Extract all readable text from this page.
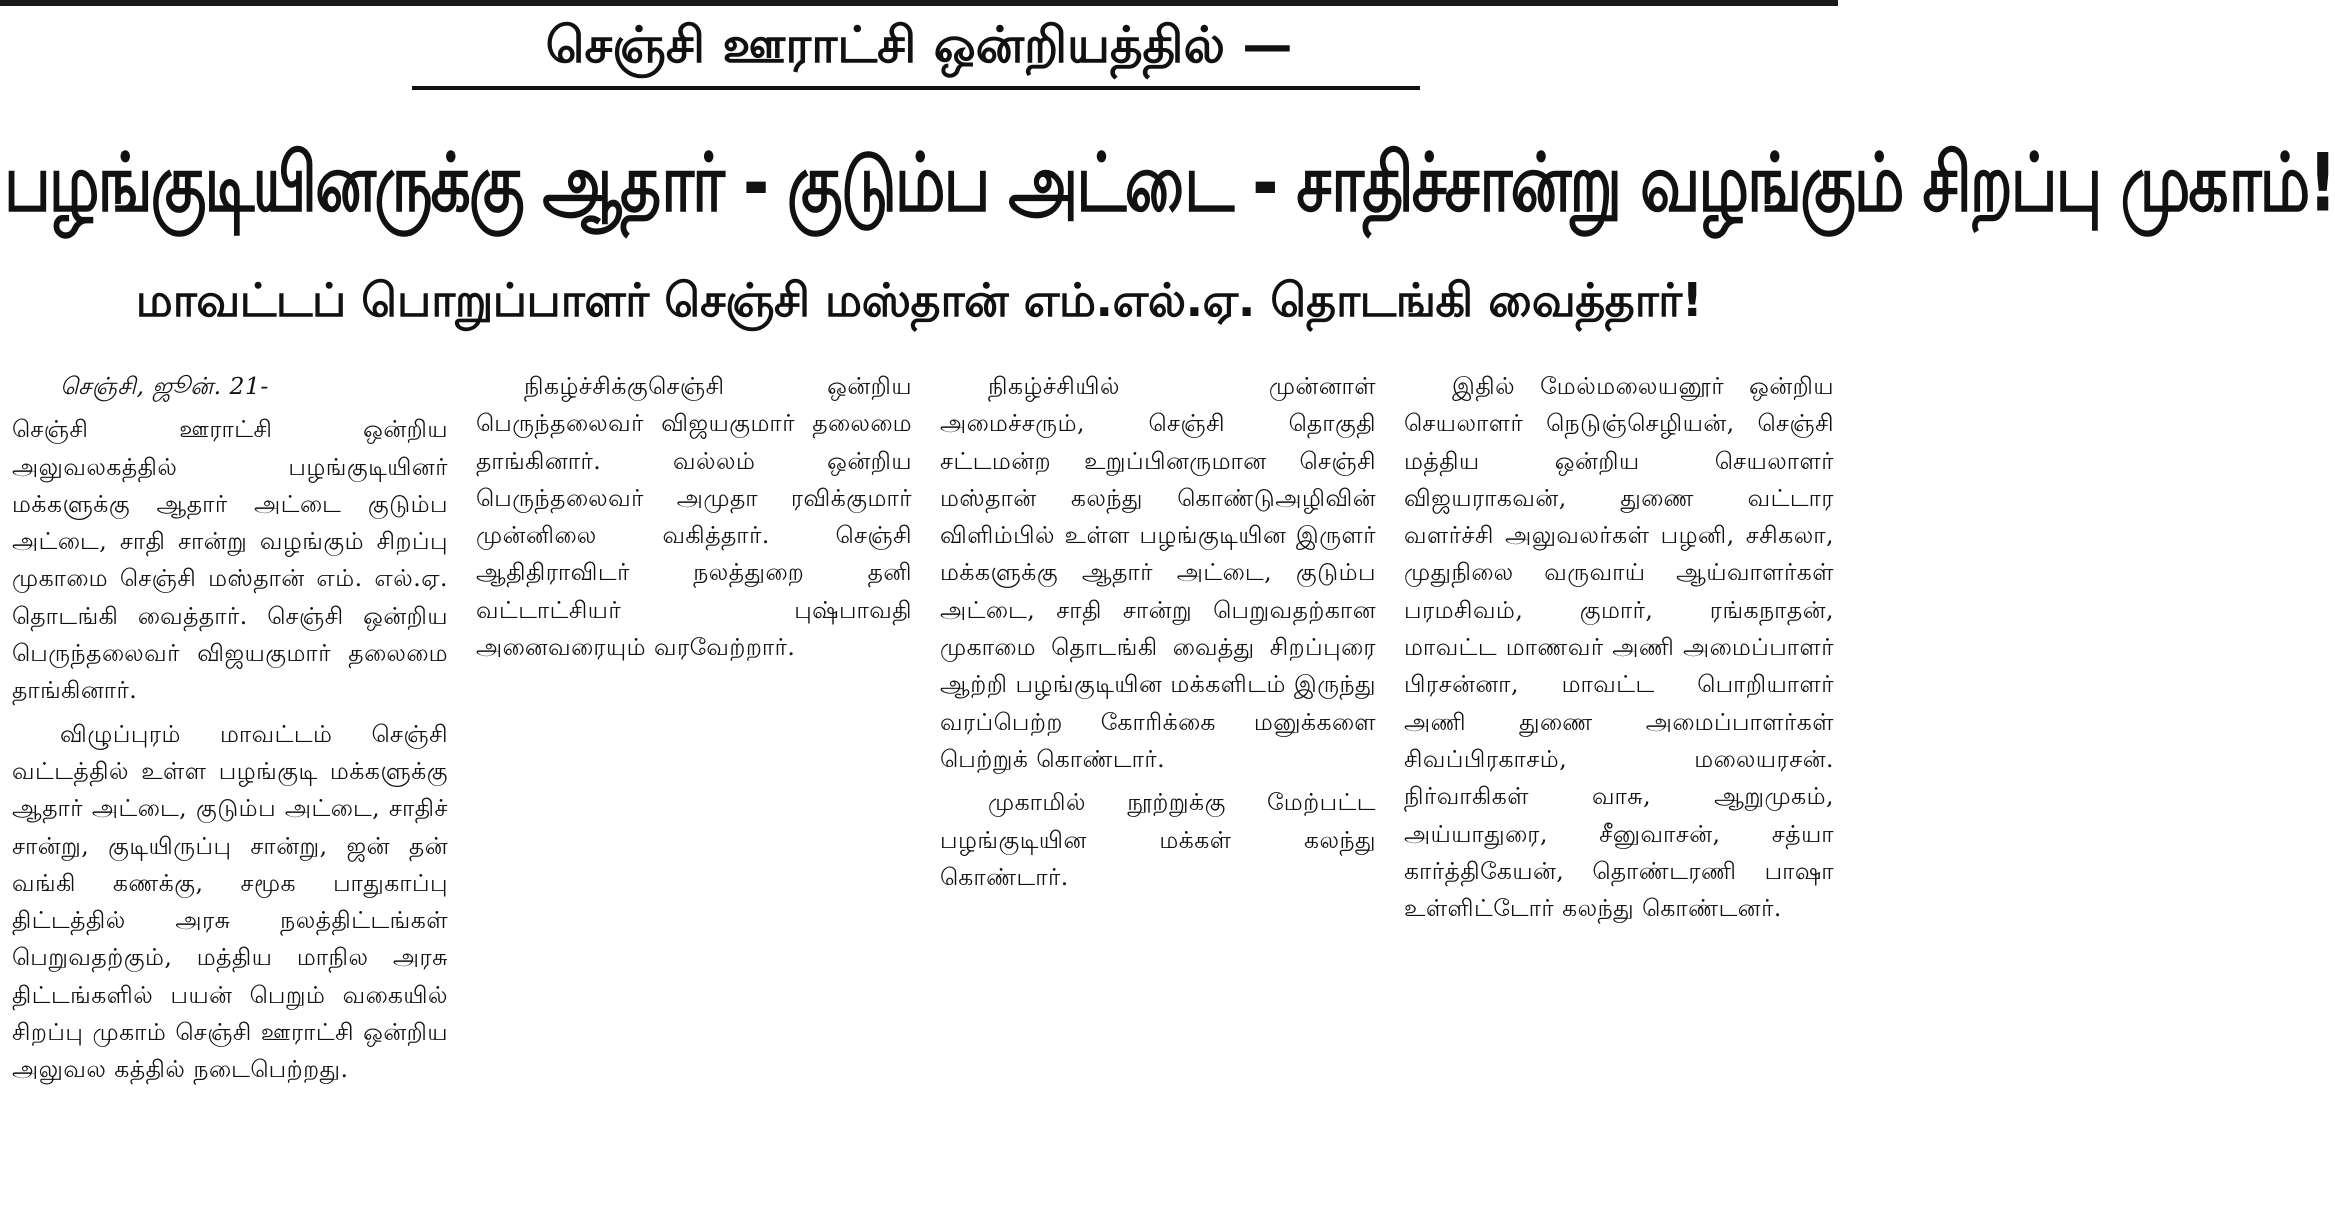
செஞ்சி ஊராட்சி ஒன்றியத்தில் —
பழங்குடியினருக்கு ஆதார் - குடும்ப அட்டை - சாதிச்சான்று வழங்கும் சிறப்பு முகாம்!
மாவட்டப் பொறுப்பாளர் செஞ்சி மஸ்தான் எம்.எல்.ஏ. தொடங்கி வைத்தார்!

செஞ்சி, ஜூன். 21-

செஞ்சி ஊராட்சி ஒன்றிய அலுவலகத்தில் பழங்குடியினர் மக்களுக்கு ஆதார் அட்டை குடும்ப அட்டை, சாதி சான்று வழங்கும் சிறப்பு முகாமை செஞ்சி மஸ்தான் எம். எல்.ஏ. தொடங்கி வைத்தார். செஞ்சி ஒன்றிய பெருந்தலைவர் விஜயகுமார் தலைமை தாங்கினார்.

விழுப்புரம் மாவட்டம் செஞ்சி வட்டத்தில் உள்ள பழங்குடி மக்களுக்கு ஆதார் அட்டை, குடும்ப அட்டை, சாதிச் சான்று, குடியிருப்பு சான்று, ஜன் தன் வங்கி கணக்கு, சமூக பாதுகாப்பு திட்டத்தில் அரசு நலத்திட்டங்கள் பெறுவதற்கும், மத்திய மாநில அரசு திட்டங்களில் பயன் பெறும் வகையில் சிறப்பு முகாம் செஞ்சி ஊராட்சி ஒன்றிய அலுவல கத்தில் நடைபெற்றது.

நிகழ்ச்சிக்குசெஞ்சி ஒன்றிய பெருந்தலைவர் விஜயகுமார் தலைமை தாங்கினார். வல்லம் ஒன்றிய பெருந்தலைவர் அமுதா ரவிக்குமார் முன்னிலை வகித்தார். செஞ்சி ஆதிதிராவிடர் நலத்துறை தனி வட்டாட்சியர் புஷ்பாவதி அனைவரையும் வரவேற்றார்.

நிகழ்ச்சியில் முன்னாள் அமைச்சரும், செஞ்சி தொகுதி சட்டமன்ற உறுப்பினருமான செஞ்சி மஸ்தான் கலந்து கொண்டுஅழிவின் விளிம்பில் உள்ள பழங்குடியின இருளர் மக்களுக்கு ஆதார் அட்டை, குடும்ப அட்டை, சாதி சான்று பெறுவதற்கான முகாமை தொடங்கி வைத்து சிறப்புரை ஆற்றி பழங்குடியின மக்களிடம் இருந்து வரப்பெற்ற கோரிக்கை மனுக்களை பெற்றுக் கொண்டார்.

முகாமில் நூற்றுக்கு மேற்பட்ட பழங்குடியின மக்கள் கலந்து கொண்டார்.

இதில் மேல்மலையனூர் ஒன்றிய செயலாளர் நெடுஞ்செழியன், செஞ்சி மத்திய ஒன்றிய செயலாளர் விஜயராகவன், துணை வட்டார வளர்ச்சி அலுவலர்கள் பழனி, சசிகலா, முதுநிலை வருவாய் ஆய்வாளர்கள் பரமசிவம், குமார், ரங்கநாதன், மாவட்ட மாணவர் அணி அமைப்பாளர் பிரசன்னா, மாவட்ட பொறியாளர் அணி துணை அமைப்பாளர்கள் சிவப்பிரகாசம், மலையரசன். நிர்வாகிகள் வாசு, ஆறுமுகம், அய்யாதுரை, சீனுவாசன், சத்யா கார்த்திகேயன், தொண்டரணி பாஷா உள்ளிட்டோர் கலந்து கொண்டனர்.
